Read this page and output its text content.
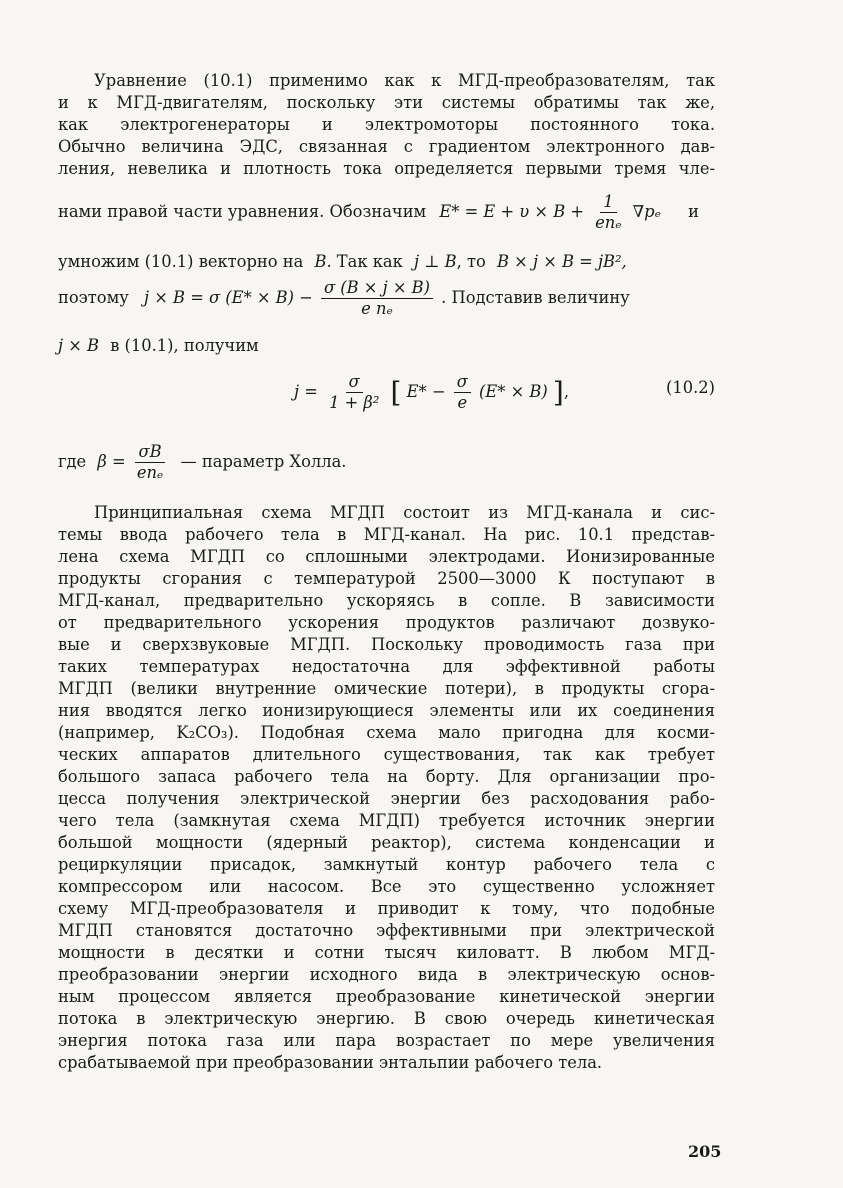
Уравнение (10.1) применимо как к МГД-преобразователям, так
и к МГД-двигателям, поскольку эти системы обратимы так же,
как электрогенераторы и электромоторы постоянного тока.
Обычно величина ЭДС, связанная с градиентом электронного дав-
ления, невелика и плотность тока определяется первыми тремя чле-
нами правой части уравнения. Обозначим $E* = E + \upsilon \times B + \frac{1}{\text{enₑ}} \nabla p_e$ и
умножим (10.1) векторно на B. Так как j ⊥ B, то B × j × B = jB²,
поэтому j × B = σ $(E* \times B) - \frac{\sigma (B \times j \times B)}{\text{e nₑ}}$ . Подставив величину
j × B в (10.1), получим
$j = \frac{\sigma}{\text{1 + β²}}$ [ $E* - \frac{\sigma}{e} (E* \times B)$ ],	(10.2)
где $\beta = \frac{\sigma B}{\text{enₑ}}$ — параметр Холла.
Принципиальная схема МГДП состоит из МГД-канала и сис-
темы ввода рабочего тела в МГД-канал. На рис. 10.1 представ-
лена схема МГДП со сплошными электродами. Ионизированные
продукты сгорания с температурой 2500—3000 К поступают в
МГД-канал, предварительно ускоряясь в сопле. В зависимости
от предварительного ускорения продуктов различают дозвуко-
вые и сверхзвуковые МГДП. Поскольку проводимость газа при
таких температурах недостаточна для эффективной работы
МГДП (велики внутренние омические потери), в продукты сгора-
ния вводятся легко ионизирующиеся элементы или их соединения
(например, K₂CO₃). Подобная схема мало пригодна для косми-
ческих аппаратов длительного существования, так как требует
большого запаса рабочего тела на борту. Для организации про-
цесса получения электрической энергии без расходования рабо-
чего тела (замкнутая схема МГДП) требуется источник энергии
большой мощности (ядерный реактор), система конденсации и
рециркуляции присадок, замкнутый контур рабочего тела с
компрессором или насосом. Все это существенно усложняет
схему МГД-преобразователя и приводит к тому, что подобные
МГДП становятся достаточно эффективными при электрической
мощности в десятки и сотни тысяч киловатт. В любом МГД-
преобразовании энергии исходного вида в электрическую основ-
ным процессом является преобразование кинетической энергии
потока в электрическую энергию. В свою очередь кинетическая
энергия потока газа или пара возрастает по мере увеличения
срабатываемой при преобразовании энтальпии рабочего тела.
205
